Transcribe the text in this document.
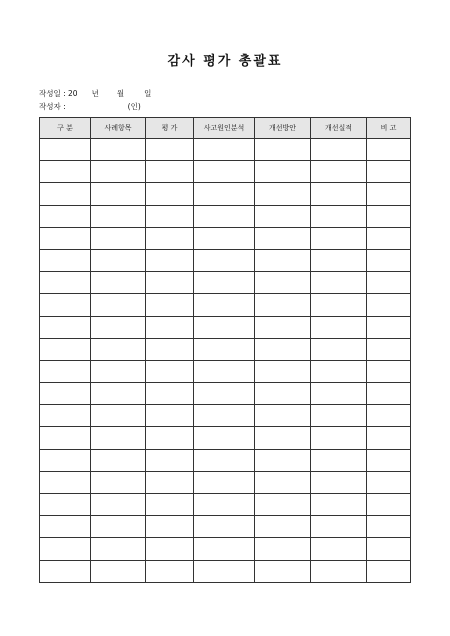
감사 평가 총괄표
작성일 : 20 년 월	일
작성자 :	(인)
구 분	사례항목	평 가	사고원인분석	개선방안	개선실적	비 고
